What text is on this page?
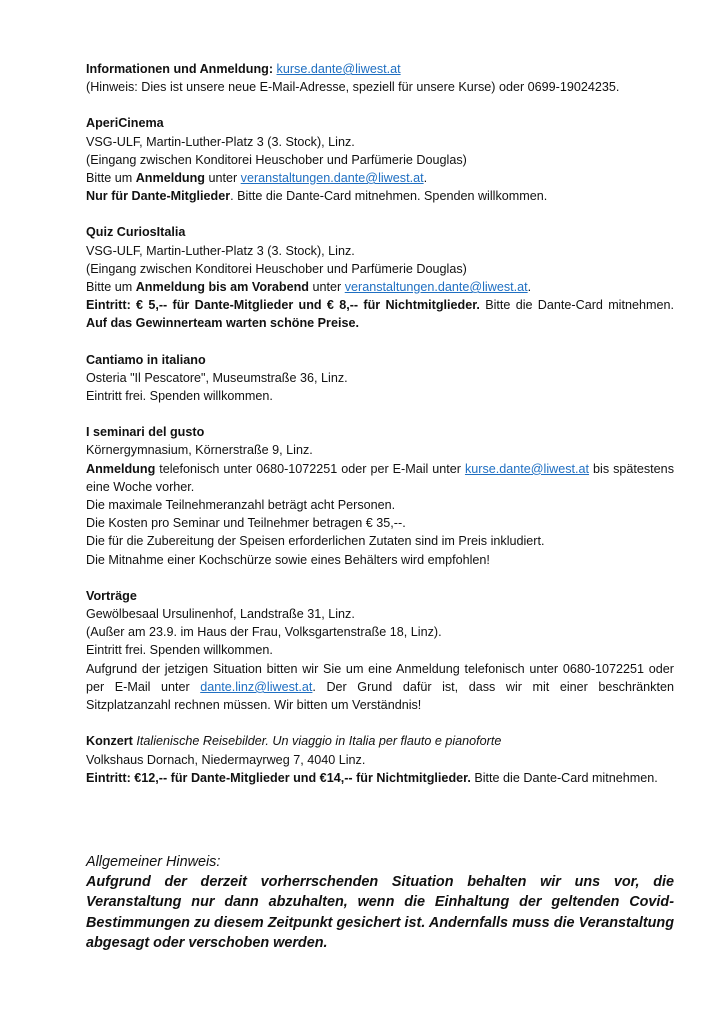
Informationen und Anmeldung: kurse.dante@liwest.at
(Hinweis: Dies ist unsere neue E-Mail-Adresse, speziell für unsere Kurse) oder 0699-19024235.
AperiCinema
VSG-ULF, Martin-Luther-Platz 3 (3. Stock), Linz.
(Eingang zwischen Konditorei Heuschober und Parfümerie Douglas)
Bitte um Anmeldung unter veranstaltungen.dante@liwest.at.
Nur für Dante-Mitglieder. Bitte die Dante-Card mitnehmen. Spenden willkommen.
Quiz CuriosItalia
VSG-ULF, Martin-Luther-Platz 3 (3. Stock), Linz.
(Eingang zwischen Konditorei Heuschober und Parfümerie Douglas)
Bitte um Anmeldung bis am Vorabend unter veranstaltungen.dante@liwest.at.
Eintritt: € 5,-- für Dante-Mitglieder und € 8,-- für Nichtmitglieder. Bitte die Dante-Card mitnehmen. Auf das Gewinnerteam warten schöne Preise.
Cantiamo in italiano
Osteria "Il Pescatore", Museumstraße 36, Linz.
Eintritt frei. Spenden willkommen.
I seminari del gusto
Körnergymnasium, Körnerstraße 9, Linz.
Anmeldung telefonisch unter 0680-1072251 oder per E-Mail unter kurse.dante@liwest.at bis spätestens eine Woche vorher.
Die maximale Teilnehmeranzahl beträgt acht Personen.
Die Kosten pro Seminar und Teilnehmer betragen € 35,--.
Die für die Zubereitung der Speisen erforderlichen Zutaten sind im Preis inkludiert.
Die Mitnahme einer Kochschürze sowie eines Behälters wird empfohlen!
Vorträge
Gewölbesaal Ursulinenhof, Landstraße 31, Linz.
(Außer am 23.9. im Haus der Frau, Volksgartenstraße 18, Linz).
Eintritt frei. Spenden willkommen.
Aufgrund der jetzigen Situation bitten wir Sie um eine Anmeldung telefonisch unter 0680-1072251 oder per E-Mail unter dante.linz@liwest.at. Der Grund dafür ist, dass wir mit einer beschränkten Sitzplatzanzahl rechnen müssen. Wir bitten um Verständnis!
Konzert Italienische Reisebilder. Un viaggio in Italia per flauto e pianoforte
Volkshaus Dornach, Niedermayrweg 7, 4040 Linz.
Eintritt: €12,-- für Dante-Mitglieder und €14,-- für Nichtmitglieder. Bitte die Dante-Card mitnehmen.
Allgemeiner Hinweis:
Aufgrund der derzeit vorherrschenden Situation behalten wir uns vor, die Veranstaltung nur dann abzuhalten, wenn die Einhaltung der geltenden Covid-Bestimmungen zu diesem Zeitpunkt gesichert ist. Andernfalls muss die Veranstaltung abgesagt oder verschoben werden.
